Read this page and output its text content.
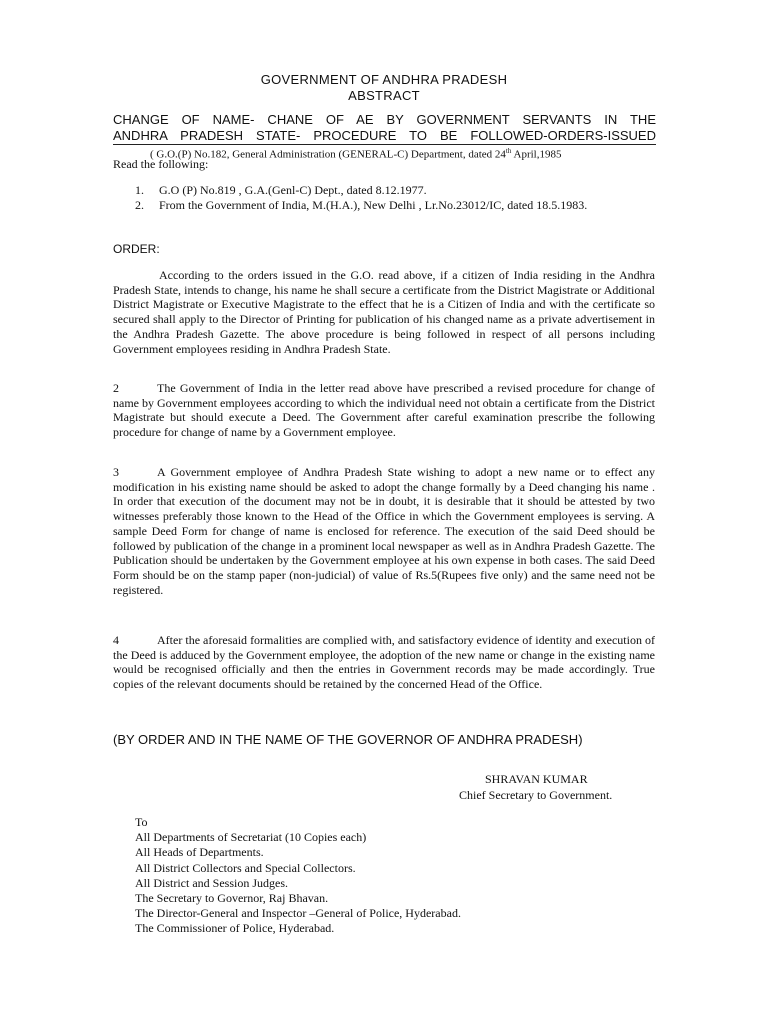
GOVERNMENT OF ANDHRA PRADESH
ABSTRACT
CHANGE OF NAME- CHANE OF AE BY GOVERNMENT SERVANTS IN THE
ANDHRA PRADESH STATE- PROCEDURE TO BE FOLLOWED-ORDERS-ISSUED
( G.O.(P) No.182, General Administration (GENERAL-C) Department, dated 24th April,1985
Read the following:
1.	G.O (P) No.819 , G.A.(Genl-C) Dept., dated 8.12.1977.
2.	From the Government of India, M.(H.A.), New Delhi , Lr.No.23012/IC, dated 18.5.1983.
ORDER:
According to the orders issued in the G.O. read above, if a citizen of India residing in the Andhra Pradesh State, intends to change, his name he shall secure a certificate from the District Magistrate or Additional District Magistrate or Executive Magistrate to the effect that he is a Citizen of India and with the certificate so secured shall apply to the Director of Printing for publication of his changed name as a private advertisement in the Andhra Pradesh Gazette. The above procedure is being followed in respect of all persons including Government employees residing in Andhra Pradesh State.
2	The Government of India in the letter read above have prescribed a revised procedure for change of name by Government employees according to which the individual need not obtain a certificate from the District Magistrate but should execute a Deed. The Government after careful examination prescribe the following procedure for change of name by a Government employee.
3	A Government employee of Andhra Pradesh State wishing to adopt a new name or to effect any modification in his existing name should be asked to adopt the change formally by a Deed changing his name . In order that execution of the document may not be in doubt, it is desirable that it should be attested by two witnesses preferably those known to the Head of the Office in which the Government employees is serving. A sample Deed Form for change of name is enclosed for reference. The execution of the said Deed should be followed by publication of the change in a prominent local newspaper as well as in Andhra Pradesh Gazette. The Publication should be undertaken by the Government employee at his own expense in both cases. The said Deed Form should be on the stamp paper (non-judicial) of value of Rs.5(Rupees five only) and the same need not be registered.
4	After the aforesaid formalities are complied with, and satisfactory evidence of identity and execution of the Deed is adduced by the Government employee, the adoption of the new name or change in the existing name would be recognised officially and then the entries in Government records may be made accordingly. True copies of the relevant documents should be retained by the concerned Head of the Office.
(BY ORDER AND IN THE NAME OF THE GOVERNOR OF ANDHRA PRADESH)
SHRAVAN KUMAR
Chief Secretary to Government.
To
All Departments of Secretariat (10 Copies each)
All Heads of Departments.
All District Collectors and Special Collectors.
All District and Session Judges.
The Secretary to Governor, Raj Bhavan.
The Director-General and Inspector –General of Police, Hyderabad.
The Commissioner of Police, Hyderabad.
